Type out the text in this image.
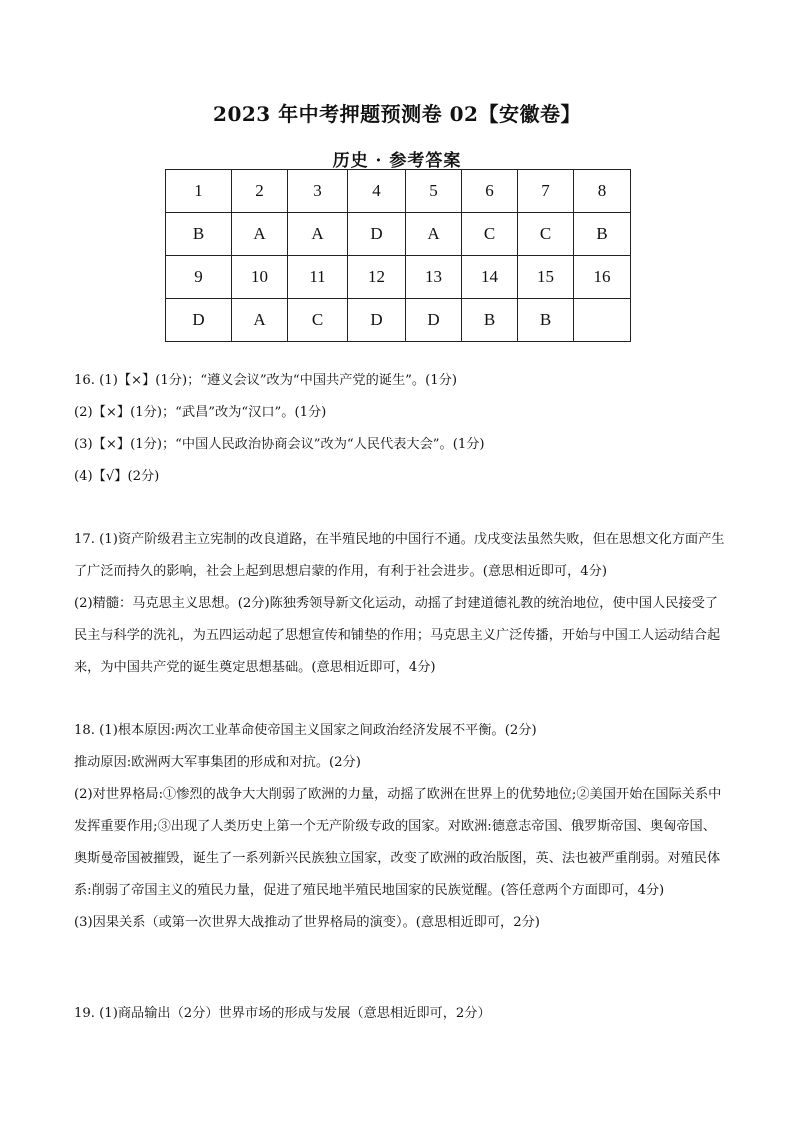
2023 年中考押题预测卷 02【安徽卷】
历史 · 参考答案
1	2	3	4	5	6	7	8
B	A	A	D	A	C	C	B
9	10	11	12	13	14	15	16
D	A	C	D	D	B	B	
16. (1)【×】(1分)；“遵义会议”改为“中国共产党的诞生”。(1分)
(2)【×】(1分)；“武昌”改为“汉口”。(1分)
(3)【×】(1分)；“中国人民政治协商会议”改为“人民代表大会”。(1分)
(4)【√】(2分)
17. (1)资产阶级君主立宪制的改良道路，在半殖民地的中国行不通。戊戌变法虽然失败，但在思想文化方面产生了广泛而持久的影响，社会上起到思想启蒙的作用，有利于社会进步。(意思相近即可，4分)
(2)精髓：马克思主义思想。(2分)陈独秀领导新文化运动，动摇了封建道德礼教的统治地位，使中国人民接受了民主与科学的洗礼，为五四运动起了思想宣传和铺垫的作用；马克思主义广泛传播，开始与中国工人运动结合起来，为中国共产党的诞生奠定思想基础。(意思相近即可，4分)
18. (1)根本原因:两次工业革命使帝国主义国家之间政治经济发展不平衡。(2分)
推动原因:欧洲两大军事集团的形成和对抗。(2分)
(2)对世界格局:①惨烈的战争大大削弱了欧洲的力量，动摇了欧洲在世界上的优势地位;②美国开始在国际关系中发挥重要作用;③出现了人类历史上第一个无产阶级专政的国家。对欧洲:德意志帝国、俄罗斯帝国、奥匈帝国、奥斯曼帝国被摧毁，诞生了一系列新兴民族独立国家，改变了欧洲的政治版图，英、法也被严重削弱。对殖民体系:削弱了帝国主义的殖民力量，促进了殖民地半殖民地国家的民族觉醒。(答任意两个方面即可，4分)
(3)因果关系（或第一次世界大战推动了世界格局的演变）。(意思相近即可，2分)
19. (1)商品输出（2分）世界市场的形成与发展（意思相近即可，2分）
